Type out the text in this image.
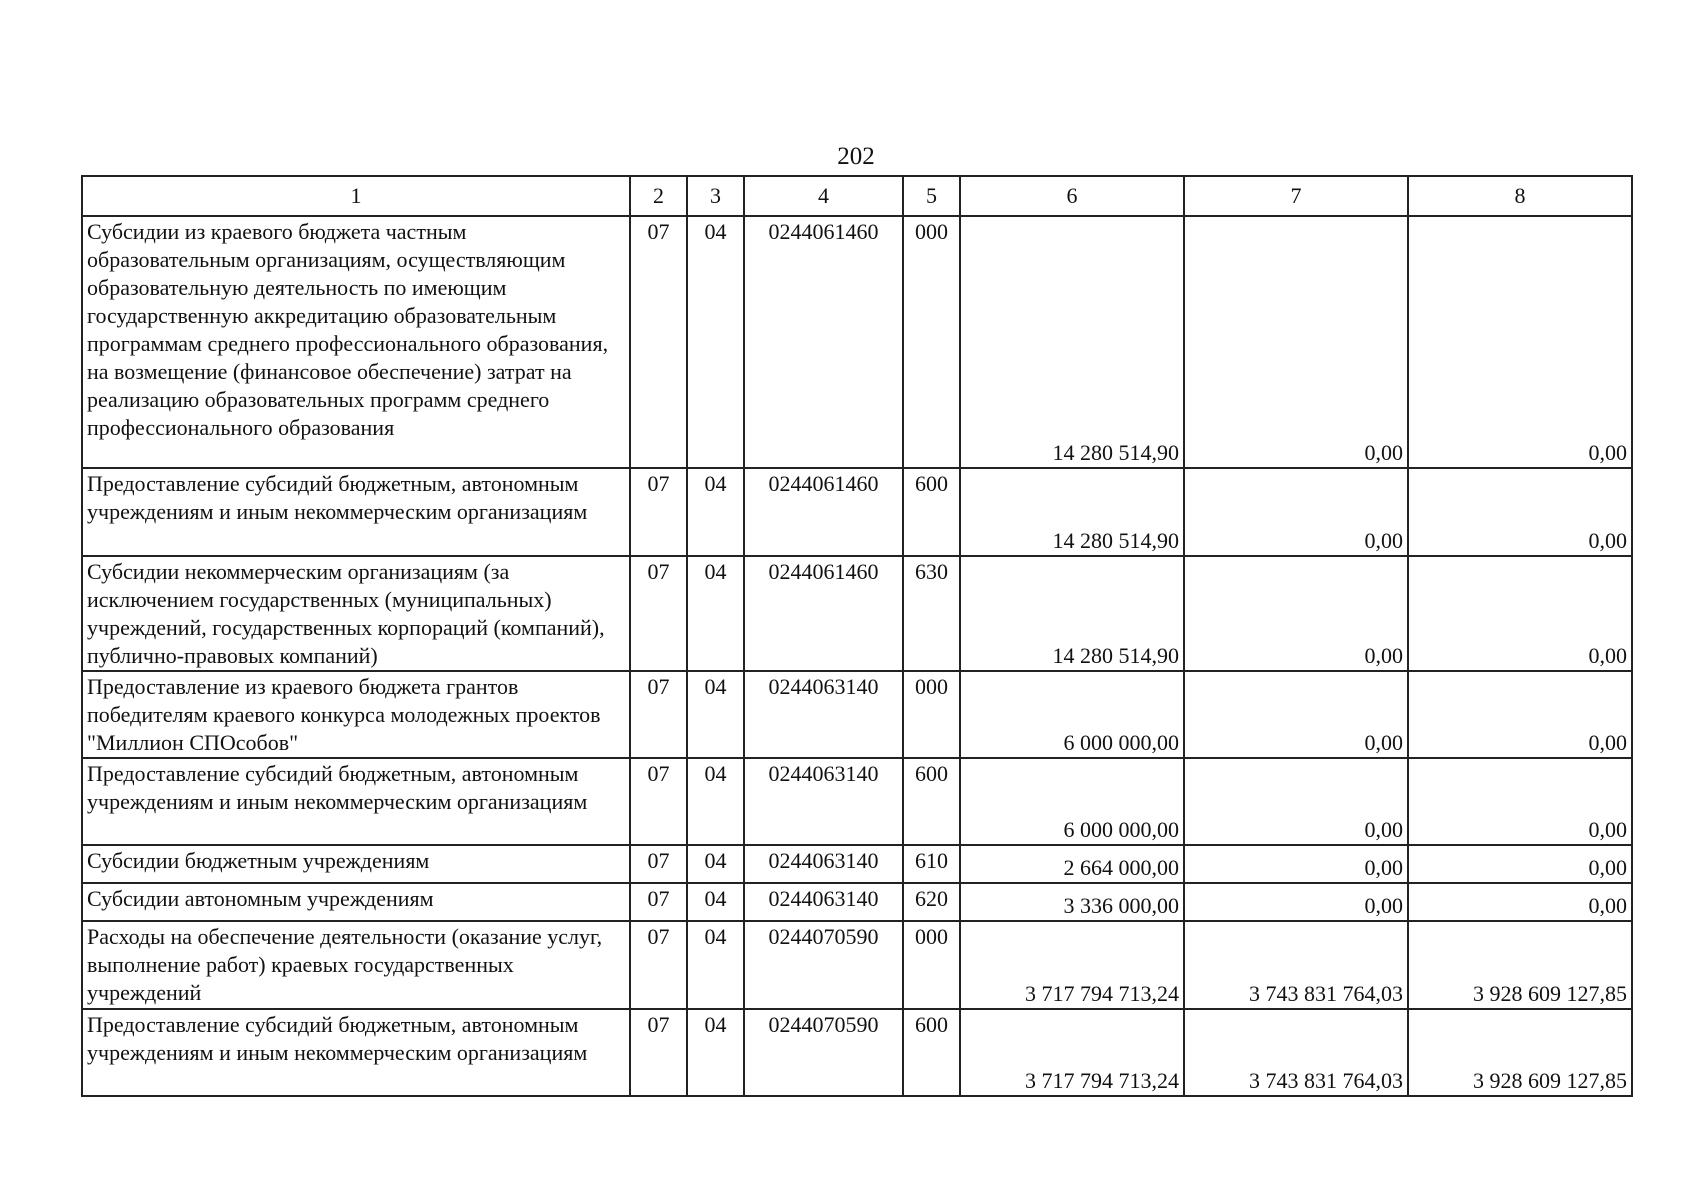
202
1	2	3	4	5	6	7	8
Субсидии из краевого бюджета частным образовательным организациям, осуществляющим образовательную деятельность по имеющим государственную аккредитацию образовательным программам среднего профессионального образования, на возмещение (финансовое обеспечение) затрат на реализацию образовательных программ среднего профессионального образования	07	04	0244061460	000	14 280 514,90	0,00	0,00
Предоставление субсидий бюджетным, автономным учреждениям и иным некоммерческим организациям	07	04	0244061460	600	14 280 514,90	0,00	0,00
Субсидии некоммерческим организациям (за исключением государственных (муниципальных) учреждений, государственных корпораций (компаний), публично-правовых компаний)	07	04	0244061460	630	14 280 514,90	0,00	0,00
Предоставление из краевого бюджета грантов победителям краевого конкурса молодежных проектов "Миллион СПОсобов"	07	04	0244063140	000	6 000 000,00	0,00	0,00
Предоставление субсидий бюджетным, автономным учреждениям и иным некоммерческим организациям	07	04	0244063140	600	6 000 000,00	0,00	0,00
Субсидии бюджетным учреждениям	07	04	0244063140	610	2 664 000,00	0,00	0,00
Субсидии автономным учреждениям	07	04	0244063140	620	3 336 000,00	0,00	0,00
Расходы на обеспечение деятельности (оказание услуг, выполнение работ) краевых государственных учреждений	07	04	0244070590	000	3 717 794 713,24	3 743 831 764,03	3 928 609 127,85
Предоставление субсидий бюджетным, автономным учреждениям и иным некоммерческим организациям	07	04	0244070590	600	3 717 794 713,24	3 743 831 764,03	3 928 609 127,85
